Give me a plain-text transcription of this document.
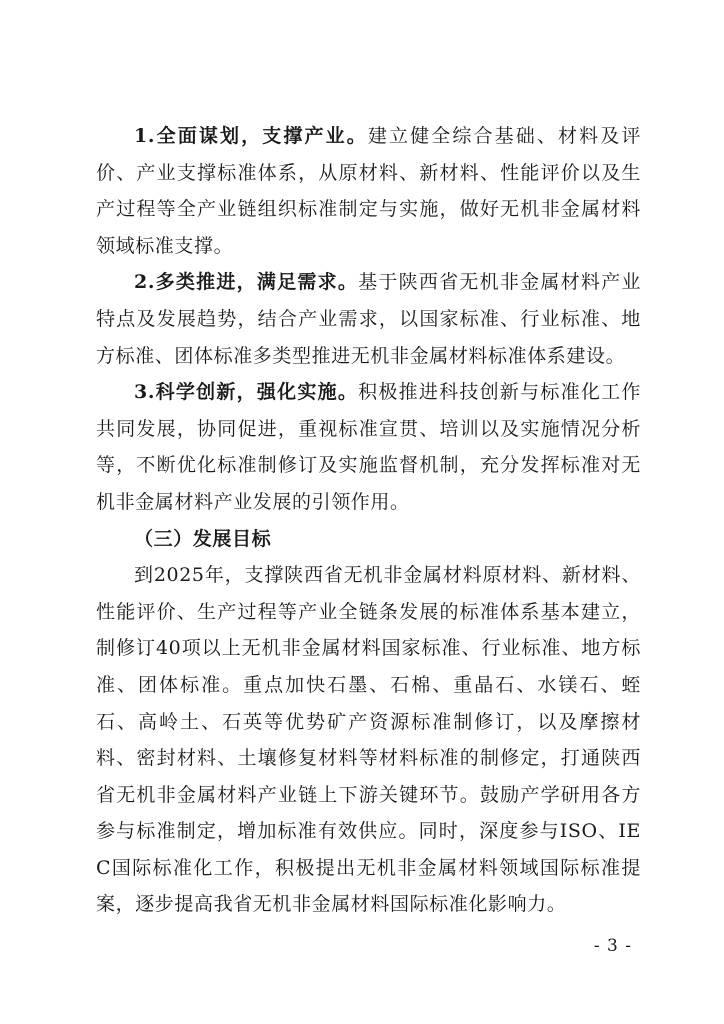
1.全面谋划，支撑产业。建立健全综合基础、材料及评价、产业支撑标准体系，从原材料、新材料、性能评价以及生产过程等全产业链组织标准制定与实施，做好无机非金属材料领域标准支撑。

2.多类推进，满足需求。基于陕西省无机非金属材料产业特点及发展趋势，结合产业需求，以国家标准、行业标准、地方标准、团体标准多类型推进无机非金属材料标准体系建设。

3.科学创新，强化实施。积极推进科技创新与标准化工作共同发展，协同促进，重视标准宣贯、培训以及实施情况分析等，不断优化标准制修订及实施监督机制，充分发挥标准对无机非金属材料产业发展的引领作用。

（三）发展目标

到2025年，支撑陕西省无机非金属材料原材料、新材料、性能评价、生产过程等产业全链条发展的标准体系基本建立，制修订40项以上无机非金属材料国家标准、行业标准、地方标准、团体标准。重点加快石墨、石棉、重晶石、水镁石、蛭石、高岭土、石英等优势矿产资源标准制修订，以及摩擦材料、密封材料、土壤修复材料等材料标准的制修定，打通陕西省无机非金属材料产业链上下游关键环节。鼓励产学研用各方参与标准制定，增加标准有效供应。同时，深度参与ISO、IEC国际标准化工作，积极提出无机非金属材料领域国际标准提案，逐步提高我省无机非金属材料国际标准化影响力。

- 3 -
